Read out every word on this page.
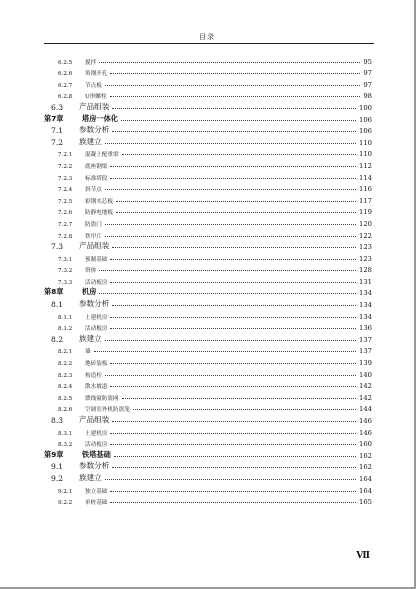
目录
6.2.5	搅拌	95
6.2.6	角钢开孔	97
6.2.7	节点板	97
6.2.8	U形螺栓	98
6.3	产品组装	100
第7章	塔房一体化	106
7.1	参数分析	106
7.2	族建立	110
7.2.1	混凝土配重梁	110
7.2.2	底座钢梁	112
7.2.3	标准塔段	114
7.2.4	斜节点	116
7.2.5	彩钢夹芯板	117
7.2.6	防静电地板	119
7.2.7	防盗门	120
7.2.8	铁甲片	122
7.3	产品组装	123
7.3.1	预制基础	123
7.3.2	塔体	128
7.3.3	活动板房	131
第8章	机房	134
8.1	参数分析	134
8.1.1	土建机房	134
8.1.2	活动板房	136
8.2	族建立	137
8.2.1	墙	137
8.2.2	地砖装板	139
8.2.3	构造柱	140
8.2.4	散水坡道	142
8.2.5	馈线窗防盗网	142
8.2.6	空调室外机防盗笼	144
8.3	产品组装	146
8.3.1	土建机房	146
8.3.2	活动板房	160
第9章	铁塔基础	162
9.1	参数分析	162
9.2	族建立	164
9.2.1	独立基础	164
9.2.2	单桩基础	165
Ⅶ
